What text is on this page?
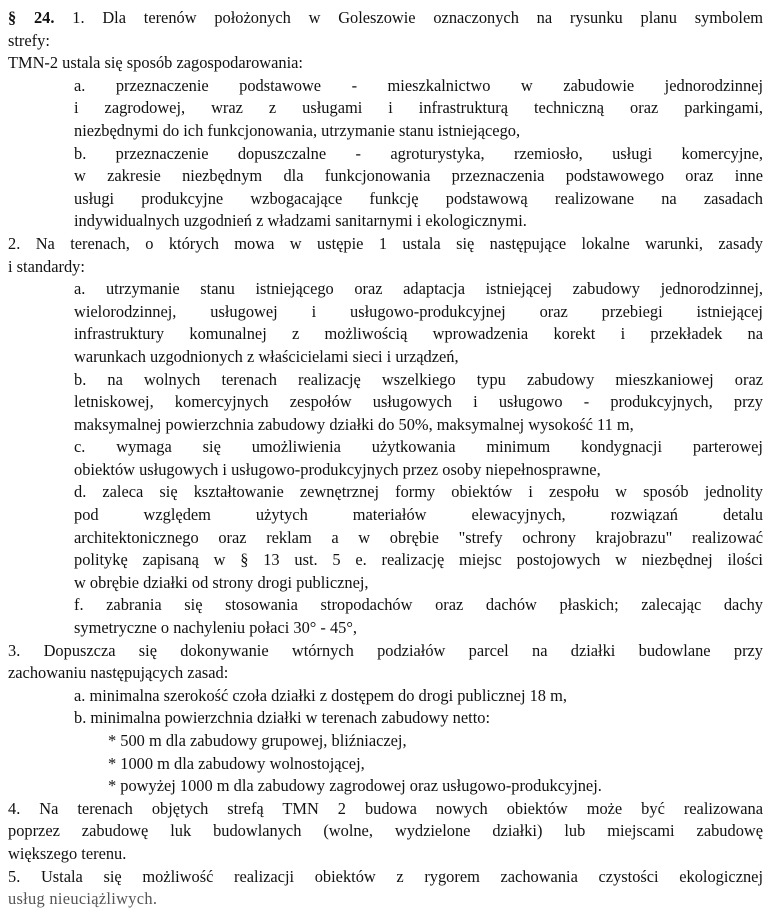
§ 24. 1. Dla terenów położonych w Goleszowie oznaczonych na rysunku planu symbolem
strefy:
TMN-2 ustala się sposób zagospodarowania:
a. przeznaczenie podstawowe - mieszkalnictwo w zabudowie jednorodzinnej
i zagrodowej, wraz z usługami i infrastrukturą techniczną oraz parkingami,
niezbędnymi do ich funkcjonowania, utrzymanie stanu istniejącego,
b. przeznaczenie dopuszczalne - agroturystyka, rzemiosło, usługi komercyjne,
w zakresie niezbędnym dla funkcjonowania przeznaczenia podstawowego oraz inne
usługi produkcyjne wzbogacające funkcję podstawową realizowane na zasadach
indywidualnych uzgodnień z władzami sanitarnymi i ekologicznymi.
2. Na terenach, o których mowa w ustępie 1 ustala się następujące lokalne warunki, zasady
i standardy:
a. utrzymanie stanu istniejącego oraz adaptacja istniejącej zabudowy jednorodzinnej,
wielorodzinnej, usługowej i usługowo-produkcyjnej oraz przebiegi istniejącej
infrastruktury komunalnej z możliwością wprowadzenia korekt i przekładek na
warunkach uzgodnionych z właścicielami sieci i urządzeń,
b. na wolnych terenach realizację wszelkiego typu zabudowy mieszkaniowej oraz
letniskowej, komercyjnych zespołów usługowych i usługowo - produkcyjnych, przy
maksymalnej powierzchnia zabudowy działki do 50%, maksymalnej wysokość 11 m,
c. wymaga się umożliwienia użytkowania minimum kondygnacji parterowej
obiektów usługowych i usługowo-produkcyjnych przez osoby niepełnosprawne,
d. zaleca się kształtowanie zewnętrznej formy obiektów i zespołu w sposób jednolity
pod względem użytych materiałów elewacyjnych, rozwiązań detalu
architektonicznego oraz reklam a w obrębie "strefy ochrony krajobrazu" realizować
politykę zapisaną w § 13 ust. 5 e. realizację miejsc postojowych w niezbędnej ilości
w obrębie działki od strony drogi publicznej,
f. zabrania się stosowania stropodachów oraz dachów płaskich; zalecając dachy
symetryczne o nachyleniu połaci 30° - 45°,
3. Dopuszcza się dokonywanie wtórnych podziałów parcel na działki budowlane przy
zachowaniu następujących zasad:
a. minimalna szerokość czoła działki z dostępem do drogi publicznej 18 m,
b. minimalna powierzchnia działki w terenach zabudowy netto:
* 500 m dla zabudowy grupowej, bliźniaczej,
* 1000 m dla zabudowy wolnostojącej,
* powyżej 1000 m dla zabudowy zagrodowej oraz usługowo-produkcyjnej.
4. Na terenach objętych strefą TMN 2 budowa nowych obiektów może być realizowana
poprzez zabudowę luk budowlanych (wolne, wydzielone działki) lub miejscami zabudowę
większego terenu.
5. Ustala się możliwość realizacji obiektów z rygorem zachowania czystości ekologicznej
usług nieuciążliwych.
